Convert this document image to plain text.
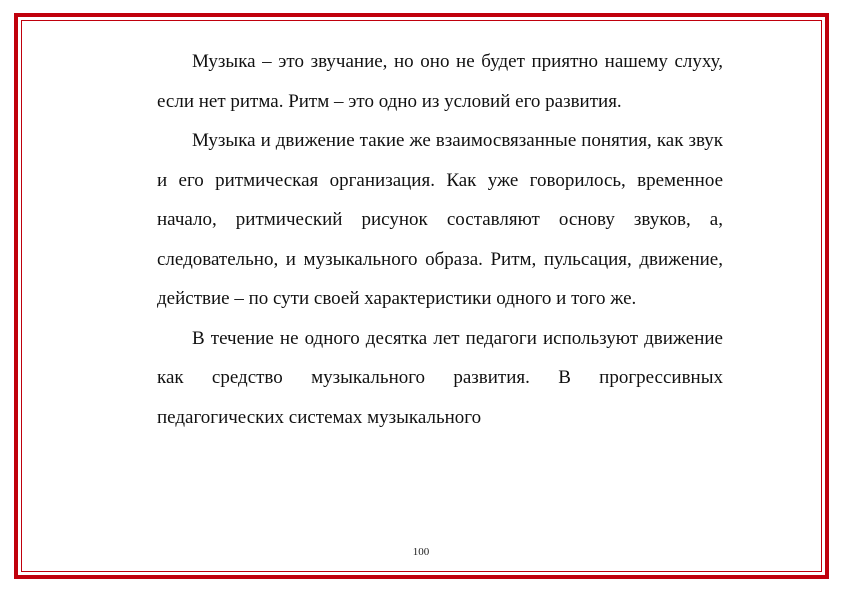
Музыка – это звучание, но оно не будет приятно нашему слуху, если нет ритма. Ритм – это одно из условий его развития.

Музыка и движение такие же взаимосвязанные понятия, как звук и его ритмическая организация. Как уже говорилось, временное начало, ритмический рисунок составляют основу звуков, а, следовательно, и музыкального образа. Ритм, пульсация, движение, действие – по сути своей характеристики одного и того же.

В течение не одного десятка лет педагоги используют движение как средство музыкального развития. В прогрессивных педагогических системах музыкального

100
